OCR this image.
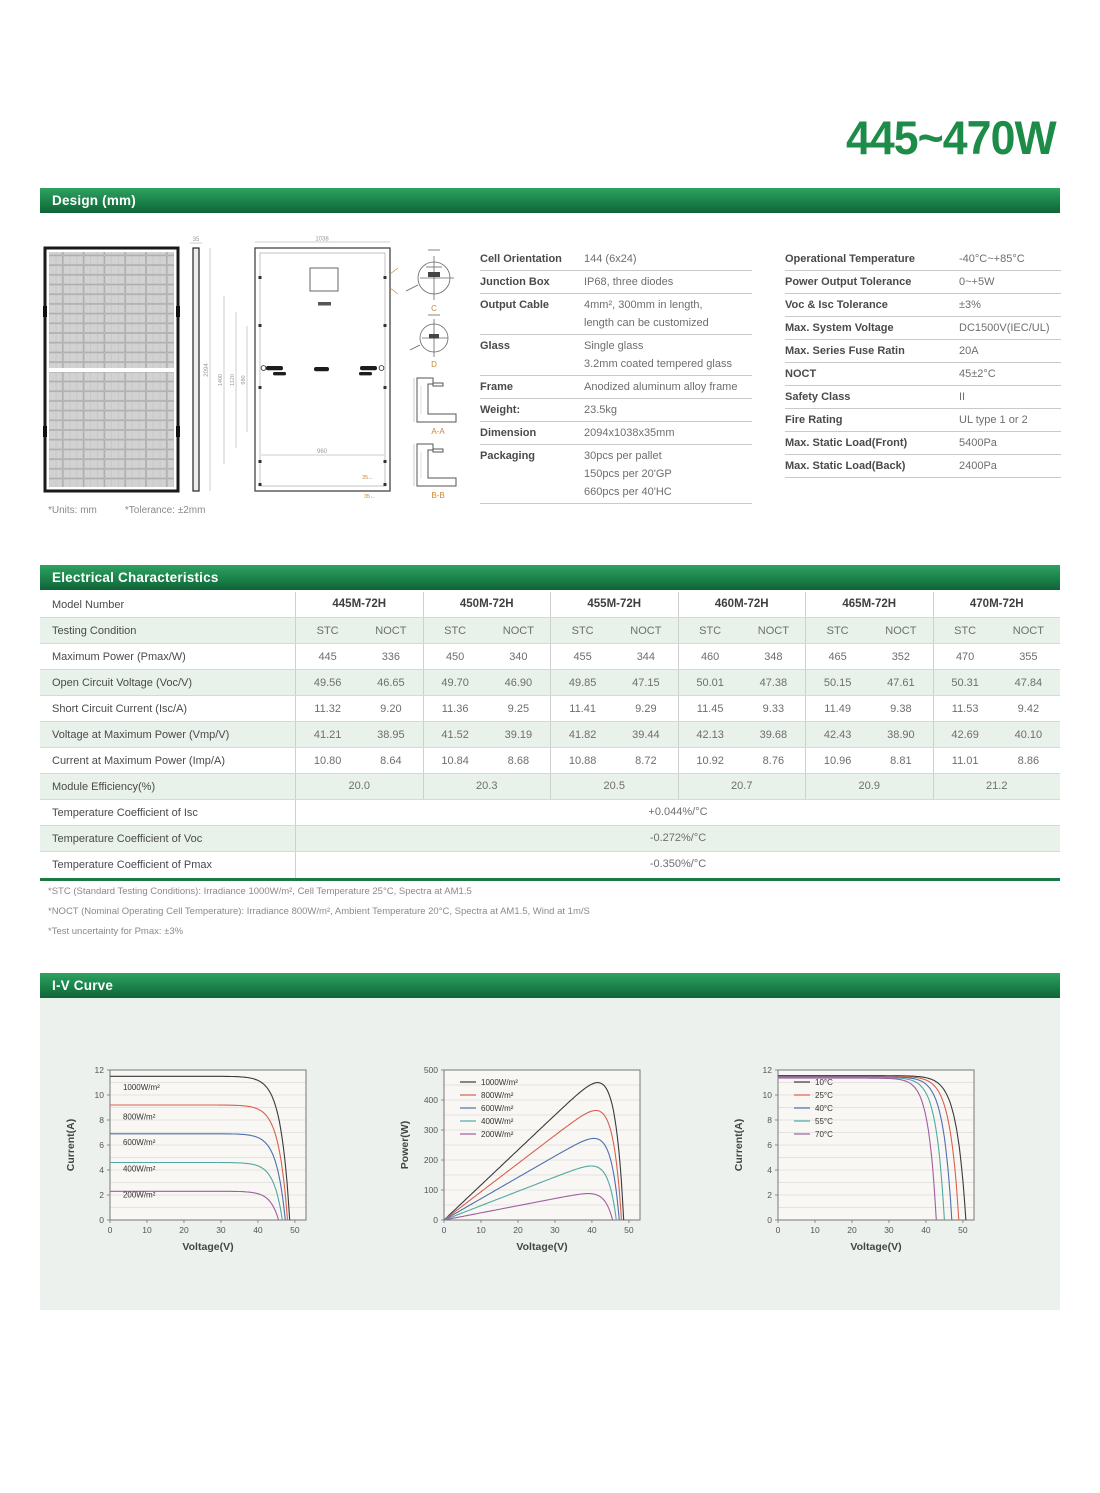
445~470W
Design (mm)
35
2094
1400 1120 980
1038
960
35←
35←
C
D
A-A
B-B
*Units: mm	*Tolerance: ±2mm
Cell Orientation	144 (6x24)
Junction Box	IP68, three diodes
Output Cable	4mm², 300mm in length,
length can be customized
Glass	Single glass
3.2mm coated tempered glass
Frame	Anodized aluminum alloy frame
Weight:	23.5kg
Dimension	2094x1038x35mm
Packaging	30pcs per pallet
150pcs per 20'GP
660pcs per 40'HC
Operational Temperature	-40°C~+85°C
Power Output Tolerance	0~+5W
Voc & Isc Tolerance	±3%
Max. System Voltage	DC1500V(IEC/UL)
Max. Series Fuse Ratin	20A
NOCT	45±2°C
Safety Class	II
Fire Rating	UL type 1 or 2
Max. Static Load(Front)	5400Pa
Max. Static Load(Back)	2400Pa
Electrical Characteristics
Model Number	445M-72H	450M-72H	455M-72H	460M-72H	465M-72H	470M-72H
Testing Condition	STC	NOCT	STC	NOCT	STC	NOCT	STC	NOCT	STC	NOCT	STC	NOCT
Maximum Power (Pmax/W)	445	336	450	340	455	344	460	348	465	352	470	355
Open Circuit Voltage (Voc/V)	49.56	46.65	49.70	46.90	49.85	47.15	50.01	47.38	50.15	47.61	50.31	47.84
Short Circuit Current (Isc/A)	11.32	9.20	11.36	9.25	11.41	9.29	11.45	9.33	11.49	9.38	11.53	9.42
Voltage at Maximum Power (Vmp/V)	41.21	38.95	41.52	39.19	41.82	39.44	42.13	39.68	42.43	38.90	42.69	40.10
Current at Maximum Power (Imp/A)	10.80	8.64	10.84	8.68	10.88	8.72	10.92	8.76	10.96	8.81	11.01	8.86
Module Efficiency(%)	20.0	20.3	20.5	20.7	20.9	21.2
Temperature Coefficient of Isc	+0.044%/°C
Temperature Coefficient of Voc	-0.272%/°C
Temperature Coefficient of Pmax	-0.350%/°C
*STC (Standard Testing Conditions): Irradiance 1000W/m², Cell Temperature 25°C, Spectra at AM1.5
*NOCT (Nominal Operating Cell Temperature): Irradiance 800W/m², Ambient Temperature 20°C, Spectra at AM1.5, Wind at 1m/S
*Test uncertainty for Pmax: ±3%
I-V Curve
0	10	20	30	40	50
0
2
4
6
8
10
12
Voltage(V)
Current(A)
1000W/m²
800W/m²
600W/m²
400W/m²
200W/m²
0	10	20	30	40	50
0
100
200
300
400
500
Voltage(V)
Power(W)
1000W/m²
800W/m²
600W/m²
400W/m²
200W/m²
0	10	20	30	40	50
0
2
4
6
8
10
12
Voltage(V)
Current(A)
10°C
25°C
40°C
55°C
70°C
